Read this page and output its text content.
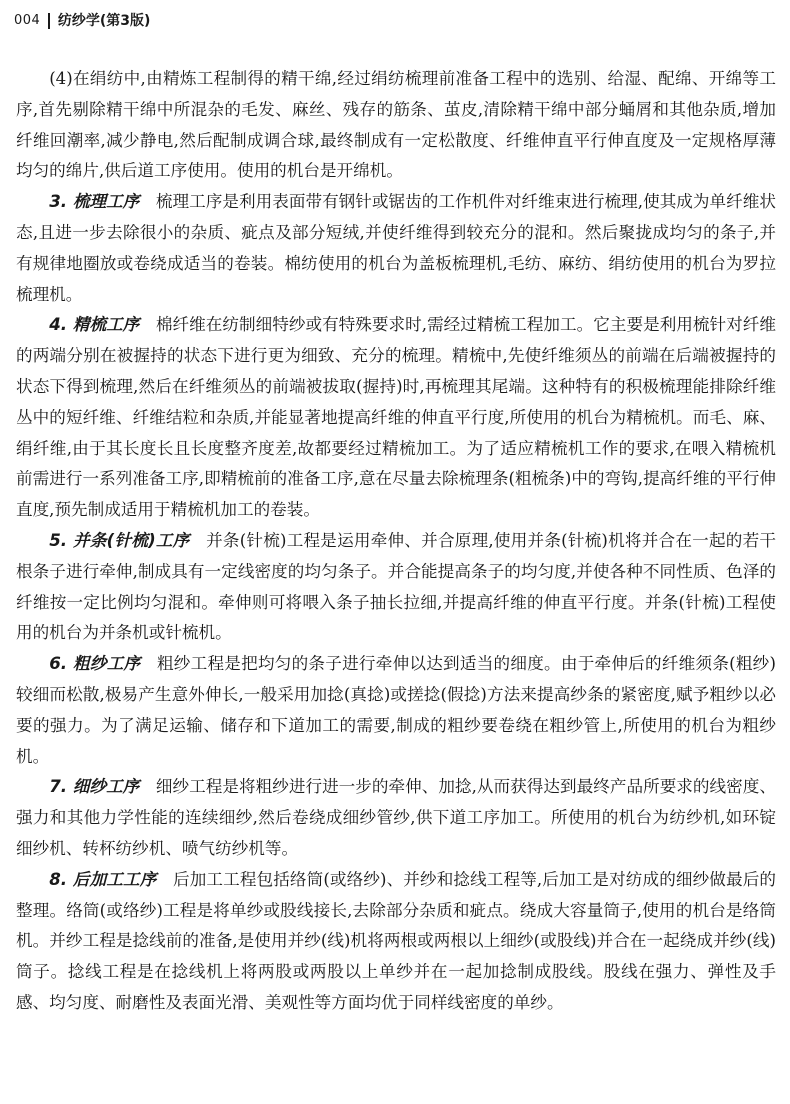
004 纺纱学(第3版)

(4)在绢纺中,由精炼工程制得的精干绵,经过绢纺梳理前准备工程中的选别、给湿、配绵、开绵等工序,首先剔除精干绵中所混杂的毛发、麻丝、残存的筋条、茧皮,清除精干绵中部分蛹屑和其他杂质,增加纤维回潮率,减少静电,然后配制成调合球,最终制成有一定松散度、纤维伸直平行伸直度及一定规格厚薄均匀的绵片,供后道工序使用。使用的机台是开绵机。

3. 梳理工序 梳理工序是利用表面带有钢针或锯齿的工作机件对纤维束进行梳理,使其成为单纤维状态,且进一步去除很小的杂质、疵点及部分短绒,并使纤维得到较充分的混和。然后聚拢成均匀的条子,并有规律地圈放或卷绕成适当的卷装。棉纺使用的机台为盖板梳理机,毛纺、麻纺、绢纺使用的机台为罗拉梳理机。

4. 精梳工序 棉纤维在纺制细特纱或有特殊要求时,需经过精梳工程加工。它主要是利用梳针对纤维的两端分别在被握持的状态下进行更为细致、充分的梳理。精梳中,先使纤维须丛的前端在后端被握持的状态下得到梳理,然后在纤维须丛的前端被拔取(握持)时,再梳理其尾端。这种特有的积极梳理能排除纤维丛中的短纤维、纤维结粒和杂质,并能显著地提高纤维的伸直平行度,所使用的机台为精梳机。而毛、麻、绢纤维,由于其长度长且长度整齐度差,故都要经过精梳加工。为了适应精梳机工作的要求,在喂入精梳机前需进行一系列准备工序,即精梳前的准备工序,意在尽量去除梳理条(粗梳条)中的弯钩,提高纤维的平行伸直度,预先制成适用于精梳机加工的卷装。

5. 并条(针梳)工序 并条(针梳)工程是运用牵伸、并合原理,使用并条(针梳)机将并合在一起的若干根条子进行牵伸,制成具有一定线密度的均匀条子。并合能提高条子的均匀度,并使各种不同性质、色泽的纤维按一定比例均匀混和。牵伸则可将喂入条子抽长拉细,并提高纤维的伸直平行度。并条(针梳)工程使用的机台为并条机或针梳机。

6. 粗纱工序 粗纱工程是把均匀的条子进行牵伸以达到适当的细度。由于牵伸后的纤维须条(粗纱)较细而松散,极易产生意外伸长,一般采用加捻(真捻)或搓捻(假捻)方法来提高纱条的紧密度,赋予粗纱以必要的强力。为了满足运输、储存和下道加工的需要,制成的粗纱要卷绕在粗纱管上,所使用的机台为粗纱机。

7. 细纱工序 细纱工程是将粗纱进行进一步的牵伸、加捻,从而获得达到最终产品所要求的线密度、强力和其他力学性能的连续细纱,然后卷绕成细纱管纱,供下道工序加工。所使用的机台为纺纱机,如环锭细纱机、转杯纺纱机、喷气纺纱机等。

8. 后加工工序 后加工工程包括络筒(或络纱)、并纱和捻线工程等,后加工是对纺成的细纱做最后的整理。络筒(或络纱)工程是将单纱或股线接长,去除部分杂质和疵点。绕成大容量筒子,使用的机台是络筒机。并纱工程是捻线前的准备,是使用并纱(线)机将两根或两根以上细纱(或股线)并合在一起绕成并纱(线)筒子。捻线工程是在捻线机上将两股或两股以上单纱并在一起加捻制成股线。股线在强力、弹性及手感、均匀度、耐磨性及表面光滑、美观性等方面均优于同样线密度的单纱。
